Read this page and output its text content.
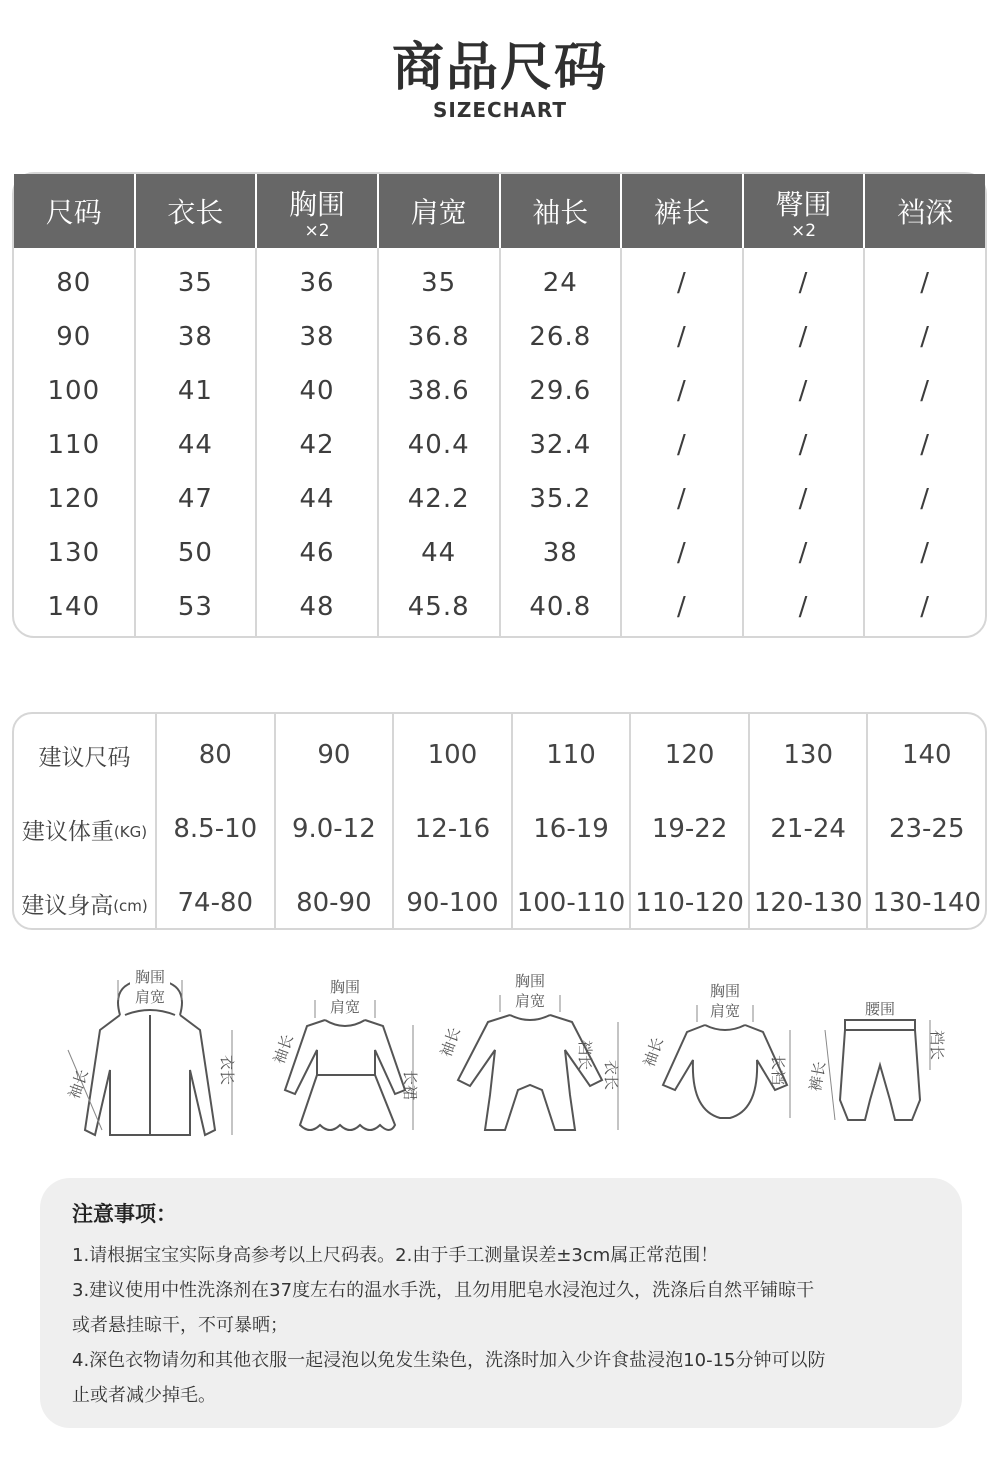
商品尺码
SIZECHART
尺码 衣长 胸围
×2
肩宽 袖长 裤长 臀围
×2
裆深
80
90
100
110
120
130
140
35
38
41
44
47
50
53
36
38
40
42
44
46
48
35
36.8
38.6
40.4
42.2
44
45.8
24
26.8
29.6
32.4
35.2
38
40.8
/
/
/
/
/
/
/
/
/
/
/
/
/
/
/
/
/
/
/
/
/
建议尺码
建议体重 (KG)
建议身高 (cm)
80
8.5-10
74-80
90
9.0-12
80-90
100
12-16
90-100
110
16-19
100-110
120
19-22
110-120
130
21-24
120-130
140
23-25
130-140
胸围
肩宽
袖长	衣长
胸围
肩宽
袖长
长裙
胸围
肩宽
袖长	裆长
衣长
胸围
肩宽
袖长
长裆
腰围
裤长
裆长
注意事项：
1.请根据宝宝实际身高参考以上尺码表。2.由于手工测量误差±3cm属正常范围！
3.建议使用中性洗涤剂在37度左右的温水手洗，且勿用肥皂水浸泡过久，洗涤后自然平铺晾干
或者悬挂晾干，不可暴晒；
4.深色衣物请勿和其他衣服一起浸泡以免发生染色，洗涤时加入少许食盐浸泡10-15分钟可以防
止或者减少掉毛。
